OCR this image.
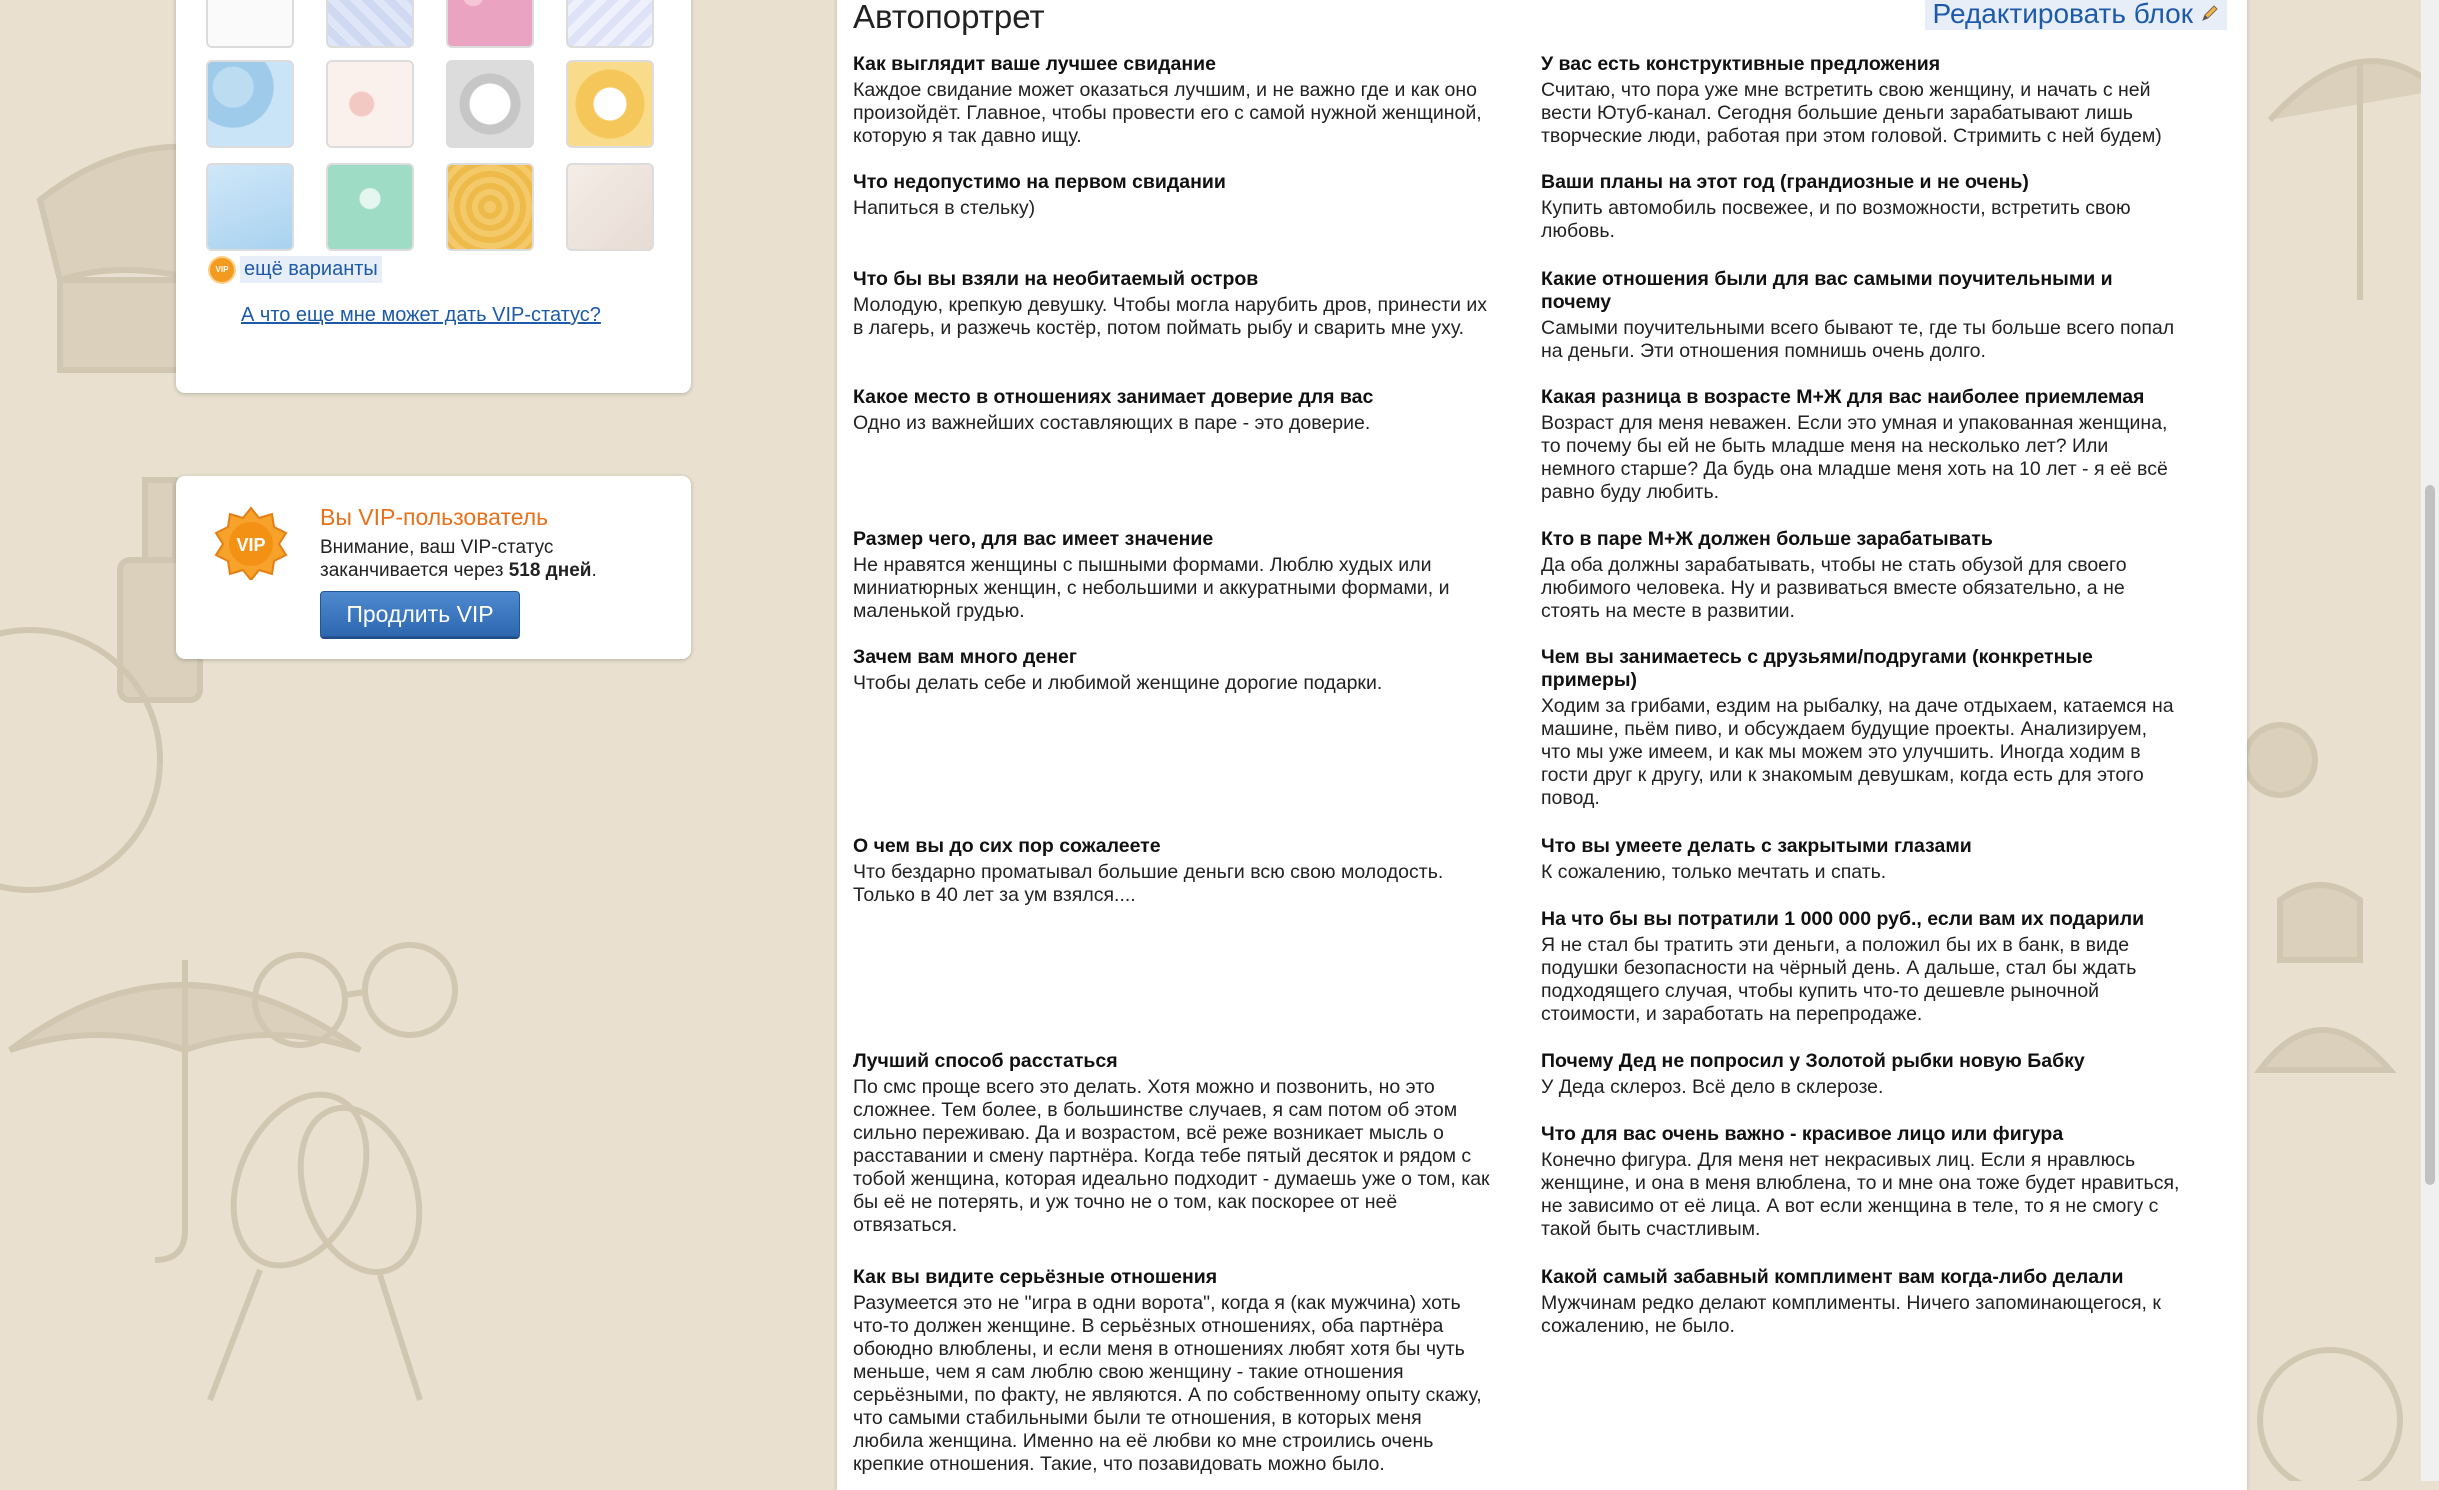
VIP ещё варианты
А что еще мне может дать VIP-статус?
VIP
Вы VIP-пользователь
Внимание, ваш VIP-статус
заканчивается через 518 дней.
Продлить VIP
Автопортрет	Редактировать блок
Как выглядит ваше лучшее свидание
Каждое свидание может оказаться лучшим, и не важно где и как оно произойдёт. Главное, чтобы провести его с самой нужной женщиной, которую я так давно ищу.
Что недопустимо на первом свидании
Напиться в стельку)
Что бы вы взяли на необитаемый остров
Молодую, крепкую девушку. Чтобы могла нарубить дров, принести их в лагерь, и разжечь костёр, потом поймать рыбу и сварить мне уху.
Какое место в отношениях занимает доверие для вас
Одно из важнейших составляющих в паре - это доверие.
Размер чего, для вас имеет значение
Не нравятся женщины с пышными формами. Люблю худых или миниатюрных женщин, с небольшими и аккуратными формами, и маленькой грудью.
Зачем вам много денег
Чтобы делать себе и любимой женщине дорогие подарки.
О чем вы до сих пор сожалеете
Что бездарно проматывал большие деньги всю свою молодость. Только в 40 лет за ум взялся....
Лучший способ расстаться
По смс проще всего это делать. Хотя можно и позвонить, но это сложнее. Тем более, в большинстве случаев, я сам потом об этом сильно переживаю. Да и возрастом, всё реже возникает мысль о расставании и смену партнёра. Когда тебе пятый десяток и рядом с тобой женщина, которая идеально подходит - думаешь уже о том, как бы её не потерять, и уж точно не о том, как поскорее от неё отвязаться.
Как вы видите серьёзные отношения
Разумеется это не "игра в одни ворота", когда я (как мужчина) хоть что-то должен женщине. В серьёзных отношениях, оба партнёра обоюдно влюблены, и если меня в отношениях любят хотя бы чуть меньше, чем я сам люблю свою женщину - такие отношения серьёзными, по факту, не являются. А по собственному опыту скажу, что самыми стабильными были те отношения, в которых меня любила женщина. Именно на её любви ко мне строились очень крепкие отношения. Такие, что позавидовать можно было.
У вас есть конструктивные предложения
Считаю, что пора уже мне встретить свою женщину, и начать с ней вести Ютуб-канал. Сегодня большие деньги зарабатывают лишь творческие люди, работая при этом головой. Стримить с ней будем)
Ваши планы на этот год (грандиозные и не очень)
Купить автомобиль посвежее, и по возможности, встретить свою любовь.
Какие отношения были для вас самыми поучительными и почему
Самыми поучительными всего бывают те, где ты больше всего попал на деньги. Эти отношения помнишь очень долго.
Какая разница в возрасте М+Ж для вас наиболее приемлемая
Возраст для меня неважен. Если это умная и упакованная женщина, то почему бы ей не быть младше меня на несколько лет? Или немного старше? Да будь она младше меня хоть на 10 лет - я её всё равно буду любить.
Кто в паре М+Ж должен больше зарабатывать
Да оба должны зарабатывать, чтобы не стать обузой для своего любимого человека. Ну и развиваться вместе обязательно, а не стоять на месте в развитии.
Чем вы занимаетесь с друзьями/подругами (конкретные примеры)
Ходим за грибами, ездим на рыбалку, на даче отдыхаем, катаемся на машине, пьём пиво, и обсуждаем будущие проекты. Анализируем, что мы уже имеем, и как мы можем это улучшить. Иногда ходим в гости друг к другу, или к знакомым девушкам, когда есть для этого повод.
Что вы умеете делать с закрытыми глазами
К сожалению, только мечтать и спать.
На что бы вы потратили 1 000 000 руб., если вам их подарили
Я не стал бы тратить эти деньги, а положил бы их в банк, в виде подушки безопасности на чёрный день. А дальше, стал бы ждать подходящего случая, чтобы купить что-то дешевле рыночной стоимости, и заработать на перепродаже.
Почему Дед не попросил у Золотой рыбки новую Бабку
У Деда склероз. Всё дело в склерозе.
Что для вас очень важно - красивое лицо или фигура
Конечно фигура. Для меня нет некрасивых лиц. Если я нравлюсь женщине, и она в меня влюблена, то и мне она тоже будет нравиться, не зависимо от её лица. А вот если женщина в теле, то я не смогу с такой быть счастливым.
Какой самый забавный комплимент вам когда-либо делали
Мужчинам редко делают комплименты. Ничего запоминающегося, к сожалению, не было.
